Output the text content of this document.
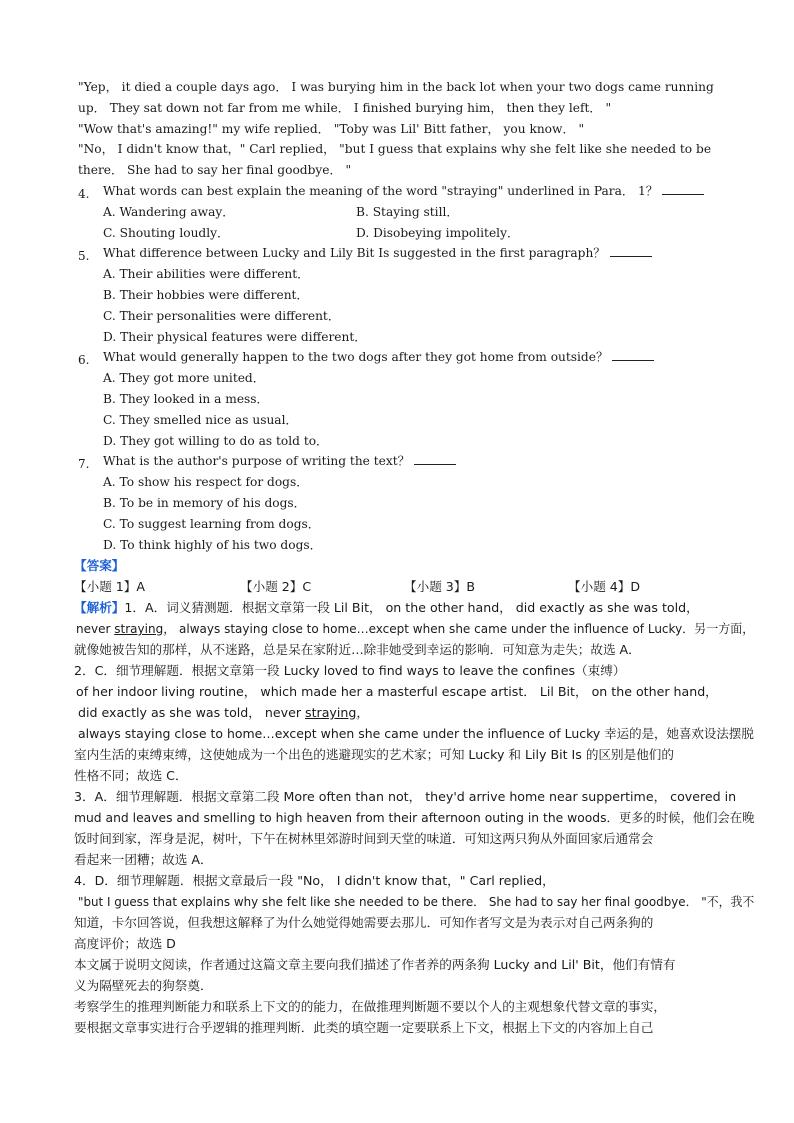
"Yep， it died a couple days ago． I was burying him in the back lot when your two dogs came running
up． They sat down not far from me while． I finished burying him， then they left． "
"Wow that's amazing!" my wife replied． "Toby was Lil' Bitt father， you know． "
"No， I didn't know that，" Carl replied， "but I guess that explains why she felt like she needed to be
there． She had to say her final goodbye． "
4. What words can best explain the meaning of the word "straying" underlined in Para． 1？
A. Wandering away．	B. Staying still．
C. Shouting loudly．	D. Disobeying impolitely．
5. What difference between Lucky and Lily Bit Is suggested in the first paragraph？
A. Their abilities were different．
B. Their hobbies were different．
C. Their personalities were different．
D. Their physical features were different．
6. What would generally happen to the two dogs after they got home from outside？
A. They got more united．
B. They looked in a mess．
C. They smelled nice as usual．
D. They got willing to do as told to．
7. What is the author's purpose of writing the text？
A. To show his respect for dogs．
B. To be in memory of his dogs．
C. To suggest learning from dogs．
D. To think highly of his two dogs．
【答案】
【小题 1】A	【小题 2】C	【小题 3】B	【小题 4】D
【解析】1．A．词义猜测题．根据文章第一段 Lil Bit， on the other hand， did exactly as she was told，
never straying， always staying close to home…except when she came under the influence of Lucky．另一方面，
就像她被告知的那样，从不迷路，总是呆在家附近…除非她受到幸运的影响．可知意为走失；故选 A．
2．C．细节理解题．根据文章第一段 Lucky loved to find ways to leave the confines（束缚）
of her indoor living routine， which made her a masterful escape artist． Lil Bit， on the other hand，
did exactly as she was told， never straying，
always staying close to home…except when she came under the influence of Lucky 幸运的是，她喜欢设法摆脱
室内生活的束缚束缚，这使她成为一个出色的逃避现实的艺术家；可知 Lucky 和 Lily Bit Is 的区别是他们的
性格不同；故选 C．
3．A．细节理解题．根据文章第二段 More often than not， they'd arrive home near suppertime， covered in
mud and leaves and smelling to high heaven from their afternoon outing in the woods．更多的时候，他们会在晚
饭时间到家，浑身是泥，树叶，下午在树林里郊游时间到天堂的味道．可知这两只狗从外面回家后通常会
看起来一团糟；故选 A．
4．D．细节理解题．根据文章最后一段 "No， I didn't know that，" Carl replied，
"but I guess that explains why she felt like she needed to be there． She had to say her final goodbye． "不，我不
知道，卡尔回答说，但我想这解释了为什么她觉得她需要去那儿．可知作者写文是为表示对自己两条狗的
高度评价；故选 D
本文属于说明文阅读，作者通过这篇文章主要向我们描述了作者养的两条狗 Lucky and Lil' Bit，他们有情有
义为隔壁死去的狗祭奠．
考察学生的推理判断能力和联系上下文的的能力，在做推理判断题不要以个人的主观想象代替文章的事实，
要根据文章事实进行合乎逻辑的推理判断．此类的填空题一定要联系上下文，根据上下文的内容加上自己
